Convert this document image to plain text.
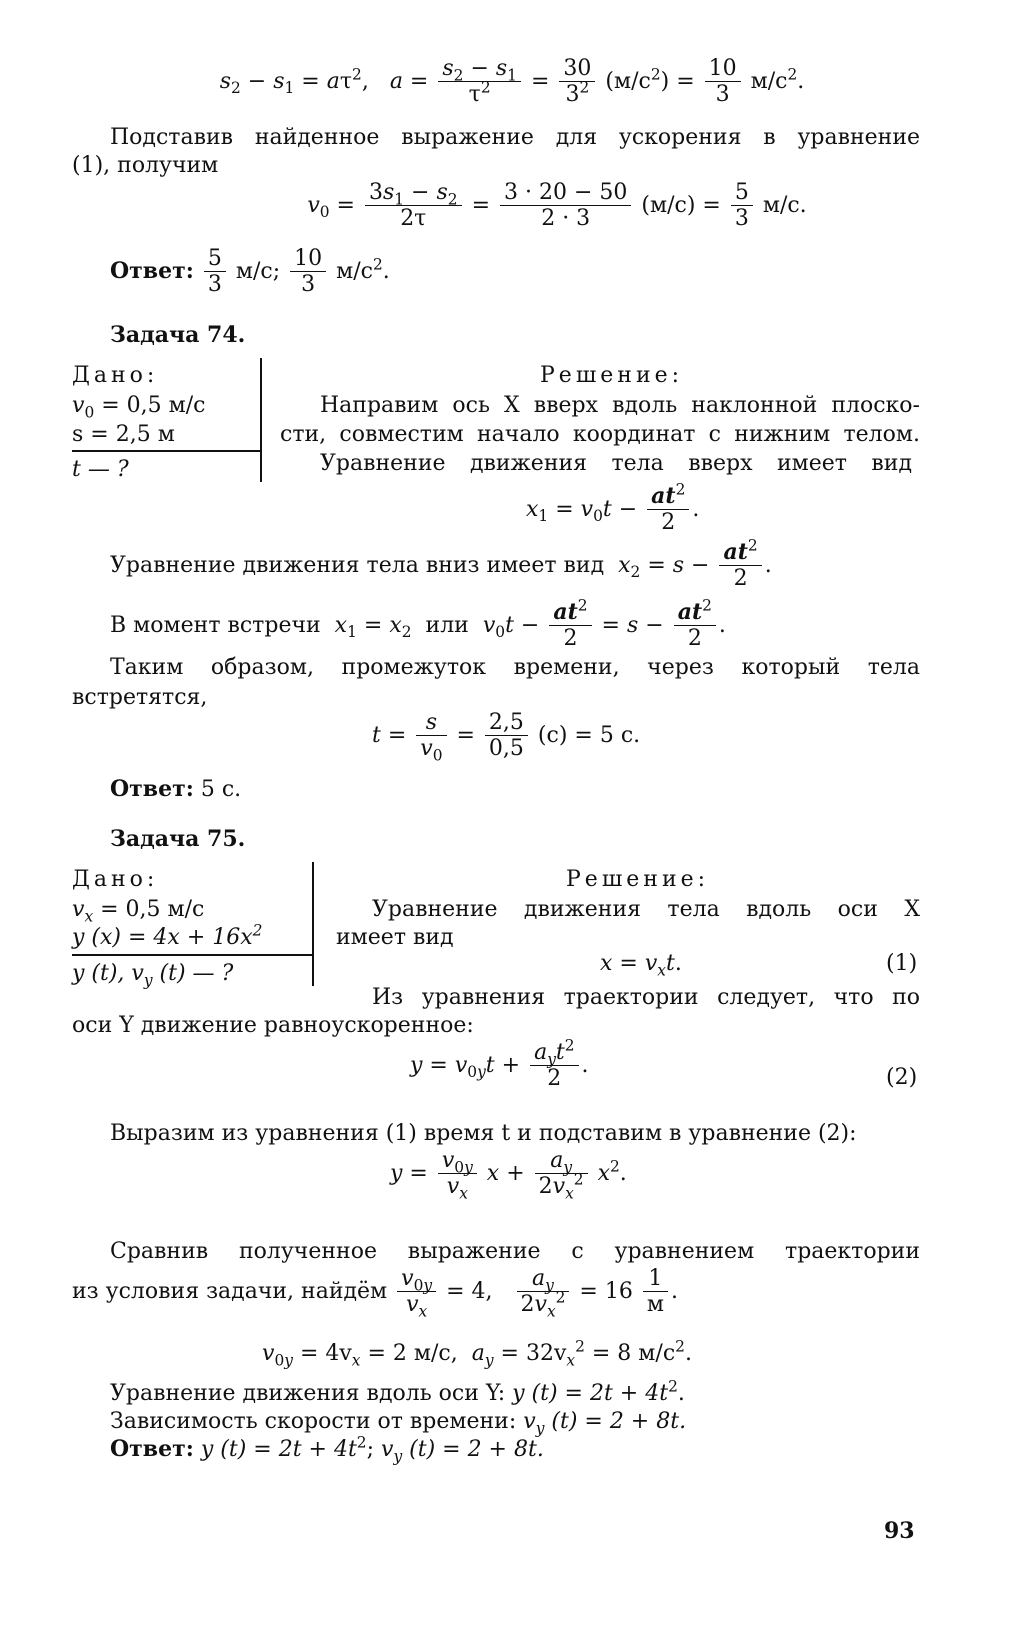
$s_2 - s_1 = a\tau^2$,   $a = \frac{s_2 - s_1}{\tau^2} = \frac{30}{3^2} (м/с^2) = \frac{10}{3} м/с^2$.
Подставив найденное выражение для ускорения в уравнение
(1), получим
$v_0 = \frac{3s_1 - s_2}{2\tau} = \frac{3 \cdot 20 - 50}{2 \cdot 3} (м/с) = \frac{5}{3} м/с$.
Ответ: $\frac{5}{3} м/с$; $\frac{10}{3} м/с^2$.
Задача 74.
Дано:
$v_0 = 0,5$ м/с
s = 2,5 м
t — ?
Решение:
Направим ось X вверх вдоль наклонной плоско-
сти, совместим начало координат с нижним телом.
Уравнение движения тела вверх имеет вид
$x_1 = v_0t - \frac{at^2}{2}$ .
Уравнение движения тела вниз имеет вид $x_2 = s - \frac{at^2}{2}$ .
В момент встречи $x_1 = x_2$ или $v_0t - \frac{at^2}{2} = s - \frac{at^2}{2}$ .
Таким образом, промежуток времени, через который тела
встретятся,
$t = \frac{s}{v_0} = \frac{2,5}{0,5} (с) = 5$ с.
Ответ: 5 с.
Задача 75.
Дано:
$v_x = 0,5$ м/с
y $(x) = 4x + 16x^2$
y (t), $v_y$ (t) — ?
Решение:
Уравнение движения тела вдоль оси X
имеет вид
$x = v_xt$.	(1)
Из уравнения траектории следует, что по
оси Y движение равноускоренное:
$y = v_{0y}t + \frac{a_yt^2}{2}$ .	(2)
Выразим из уравнения (1) время t и подставим в уравнение (2):
$y = \frac{v_{0y}}{v_x}$ $x + \frac{a_y}{2v_x^2} x^2$.
Сравнив полученное выражение с уравнением траектории
из условия задачи, найдём $\frac{v_{0y}}{v_x} = 4$, $\frac{a_y}{2v_x^2} = 16 \frac{1}{м}$ .
$v_{0y} = 4v_x = 2$ м/с, $a_y = 32v_x^2 = 8$ $м/с^2$.
Уравнение движения вдоль оси Y: y $(t) = 2t + 4t^2$.
Зависимость скорости от времени: $v_y$ (t) = 2 + 8t.
Ответ: y $(t) = 2t + 4t^2$; $v_y$ (t) = 2 + 8t.
93
